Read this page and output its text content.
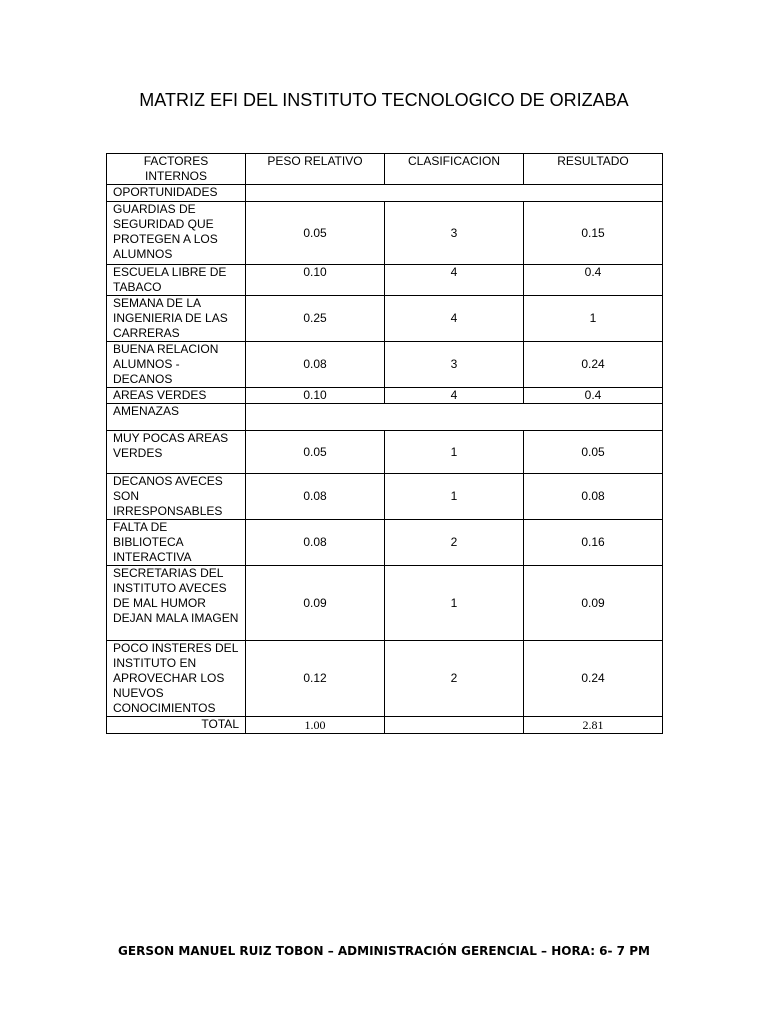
MATRIZ EFI DEL INSTITUTO TECNOLOGICO DE ORIZABA
FACTORES INTERNOS	PESO RELATIVO	CLASIFICACION	RESULTADO
OPORTUNIDADES			
GUARDIAS DE SEGURIDAD QUE PROTEGEN A LOS ALUMNOS	0.05	3	0.15
ESCUELA LIBRE DE TABACO	0.10	4	0.4
SEMANA DE LA INGENIERIA DE LAS CARRERAS	0.25	4	1
BUENA RELACION ALUMNOS - DECANOS	0.08	3	0.24
AREAS VERDES	0.10	4	0.4
AMENAZAS			
MUY POCAS AREAS VERDES	0.05	1	0.05
DECANOS AVECES SON IRRESPONSABLES	0.08	1	0.08
FALTA DE BIBLIOTECA INTERACTIVA	0.08	2	0.16
SECRETARIAS DEL INSTITUTO AVECES DE MAL HUMOR DEJAN MALA IMAGEN	0.09	1	0.09
POCO INSTERES DEL INSTITUTO EN APROVECHAR LOS NUEVOS CONOCIMIENTOS	0.12	2	0.24
TOTAL	1.00		2.81
GERSON MANUEL RUIZ TOBON – ADMINISTRACIÓN GERENCIAL – HORA: 6- 7 PM
